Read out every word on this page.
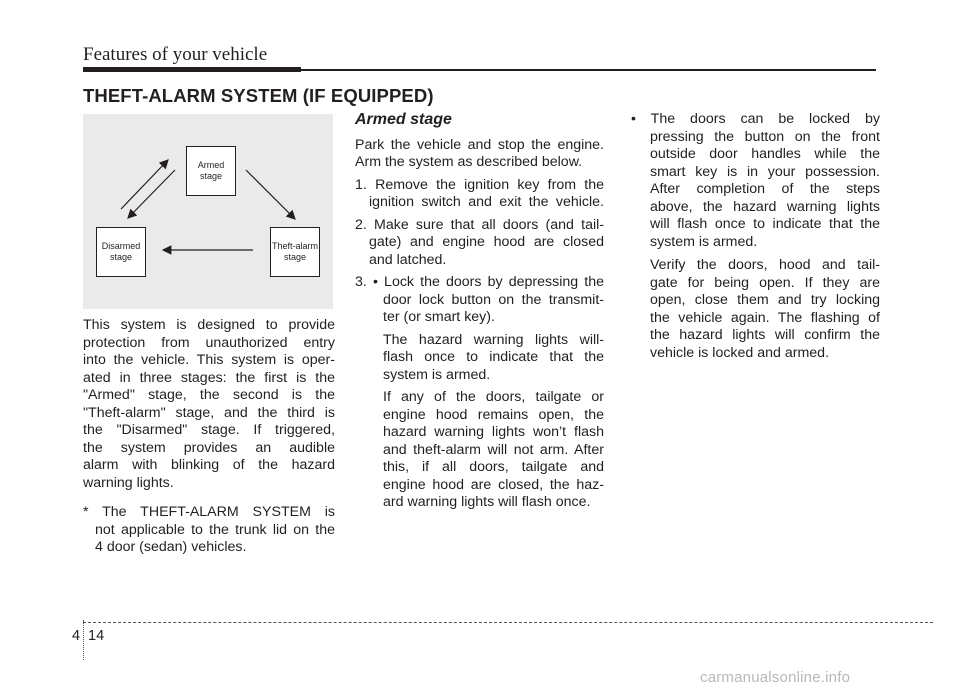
Features of your vehicle
THEFT-ALARM SYSTEM (IF EQUIPPED)
Armed
stage
Theft-alarm
stage
Disarmed
stage

This system is designed to provide

protection from unauthorized entry

into the vehicle. This system is oper-

ated in three stages: the first is the

"Armed" stage, the second is the

"Theft-alarm" stage, and the third is

the "Disarmed" stage. If triggered,

the system provides an audible

alarm with blinking of the hazard

warning lights.

* The THEFT-ALARM SYSTEM is

not applicable to the trunk lid on the

4 door (sedan) vehicles.

Armed stage

Park the vehicle and stop the engine.

Arm the system as described below.

1. Remove the ignition key from the

ignition switch and exit the vehicle.

2. Make sure that all doors (and tail-

gate) and engine hood are closed

and latched.

3. • Lock the doors by depressing the

door lock button on the transmit-

ter (or smart key).

The hazard warning lights will-

flash once to indicate that the

system is armed.

If any of the doors, tailgate or

engine hood remains open, the

hazard warning lights won’t flash

and theft-alarm will not arm. After

this, if all doors, tailgate and

engine hood are closed, the haz-

ard warning lights will flash once.

• The doors can be locked by

pressing the button on the front

outside door handles while the

smart key is in your possession.

After completion of the steps

above, the hazard warning lights

will flash once to indicate that the

system is armed.

Verify the doors, hood and tail-

gate for being open. If they are

open, close them and try locking

the vehicle again. The flashing of

the hazard lights will confirm the

vehicle is locked and armed.

4 14
carmanualsonline.info
